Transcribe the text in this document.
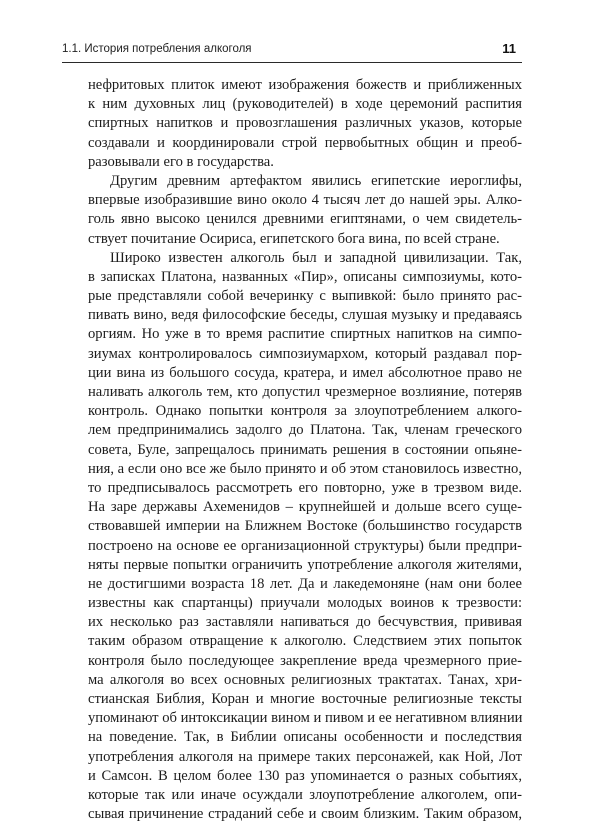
1.1. История потребления алкоголя	11
нефритовых плиток имеют изображения божеств и приближенных
к ним духовных лиц (руководителей) в ходе церемоний распития
спиртных напитков и провозглашения различных указов, которые
создавали и координировали строй первобытных общин и преоб-
разовывали его в государства.
Другим древним артефактом явились египетские иероглифы,
впервые изобразившие вино около 4 тысяч лет до нашей эры. Алко-
голь явно высоко ценился древними египтянами, о чем свидетель-
ствует почитание Осириса, египетского бога вина, по всей стране.
Широко известен алкоголь был и западной цивилизации. Так,
в записках Платона, названных «Пир», описаны симпозиумы, кото-
рые представляли собой вечеринку с выпивкой: было принято рас-
пивать вино, ведя философские беседы, слушая музыку и предаваясь
оргиям. Но уже в то время распитие спиртных напитков на симпо-
зиумах контролировалось симпозиумархом, который раздавал пор-
ции вина из большого сосуда, кратера, и имел абсолютное право не
наливать алкоголь тем, кто допустил чрезмерное возлияние, потеряв
контроль. Однако попытки контроля за злоупотреблением алкого-
лем предпринимались задолго до Платона. Так, членам греческого
совета, Буле, запрещалось принимать решения в состоянии опьяне-
ния, а если оно все же было принято и об этом становилось известно,
то предписывалось рассмотреть его повторно, уже в трезвом виде.
На заре державы Ахеменидов – крупнейшей и дольше всего суще-
ствовавшей империи на Ближнем Востоке (большинство государств
построено на основе ее организационной структуры) были предпри-
няты первые попытки ограничить употребление алкоголя жителями,
не достигшими возраста 18 лет. Да и лакедемоняне (нам они более
известны как спартанцы) приучали молодых воинов к трезвости:
их несколько раз заставляли напиваться до бесчувствия, прививая
таким образом отвращение к алкоголю. Следствием этих попыток
контроля было последующее закрепление вреда чрезмерного прие-
ма алкоголя во всех основных религиозных трактатах. Танах, хри-
стианская Библия, Коран и многие восточные религиозные тексты
упоминают об интоксикации вином и пивом и ее негативном влиянии
на поведение. Так, в Библии описаны особенности и последствия
употребления алкоголя на примере таких персонажей, как Ной, Лот
и Самсон. В целом более 130 раз упоминается о разных событиях,
которые так или иначе осуждали злоупотребление алкоголем, опи-
сывая причинение страданий себе и своим близким. Таким образом,
